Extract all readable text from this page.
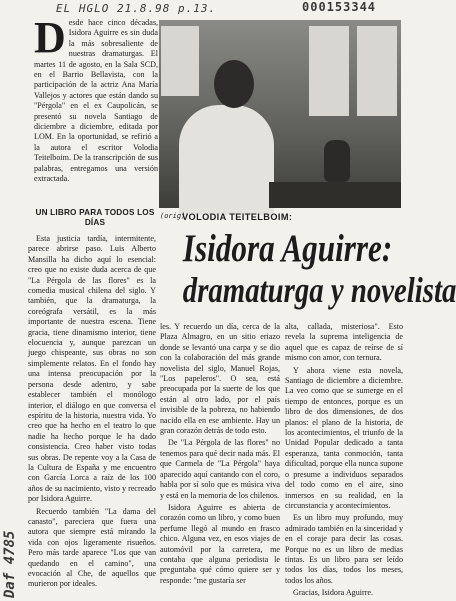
EL HGLO 21.8.98 p.13.	000153344
Daf 4785
D esde hace cinco décadas, Isidora Aguirre es sin duda la más sobresaliente de nuestras dramaturgas. El martes 11 de agosto, en la Sala SCD, en el Barrio Bellavista, con la participación de la actriz Ana María Vallejos y actores que están dando su "Pérgola" en el ex Caupolicán, se presentó su novela Santiago de diciembre a diciembre, editada por LOM. En la oportunidad, se refirió a la autora el escritor Volodia Teitelboim. De la transcripción de sus palabras, entregamos una versión extractada.
UN LIBRO PARA TODOS LOS DÍAS

Esta justicia tardía, intermitente, parece abrirse paso. Luis Alberto Mansilla ha dicho aquí lo esencial: creo que no existe duda acerca de que "La Pérgola de las flores" es la comedia musical chilena del siglo. Y también, que la dramaturga, la coreógrafa versátil, es la más importante de nuestra escena. Tiene gracia, tiene dinamismo interior, tiene elocuencia y, aunque parezcan un juego chispeante, sus obras no son simplemente relatos. En el fondo hay una intensa preocupación por la persona desde adentro, y sabe establecer también el monólogo interior, el diálogo en que conversa el espíritu de la historia, nuestra vida. Yo creo que ha hecho en el teatro lo que nadie ha hecho porque le ha dado consistencia. Creo haber visto todas sus obras. De repente voy a la Casa de la Cultura de España y me encuentro con García Lorca a raíz de los 100 años de su nacimiento, visto y recreado por Isidora Aguirre.

Recuerdo también "La dama del canasto", pareciera que fuera una autora que siempre está mirando la vida con ojos ligeramente risueños. Pero más tarde aparece "Los que van quedando en el camino", una evocación al Che, de aquellos que murieron por ideales.

(orig)
VOLODIA TEITELBOIM:
Isidora Aguirre:
dramaturga y novelista

les. Y recuerdo un día, cerca de la Plaza Almagro, en un sitio eriazo donde se levantó una carpa y se dio con la colaboración del más grande novelista del siglo, Manuel Rojas, "Los papeleros". O sea, está preocupada por la suerte de los que están al otro lado, por el país invisible de la pobreza, no habiendo nacido ella en ese ambiente. Hay un gran corazón detrás de todo esto.

De "La Pérgola de las flores" no tenemos para qué decir nada más. El que Carmela de "La Pérgola" haya aparecido aquí cantando con el coro, habla por sí solo que es música viva y está en la memoria de los chilenos.

Isidora Aguirre es abierta de corazón como un libro, y como buen perfume llegó al mundo en frasco chico. Alguna vez, en esos viajes de automóvil por la carretera, me contaba que alguna periodista le preguntaba qué cómo quiere ser y responde: "me gustaría ser

alta, callada, misteriosa". Esto revela la suprema inteligencia de aquel que es capaz de reírse de sí mismo con amor, con ternura.

Y ahora viene esta novela, Santiago de diciembre a diciembre. La veo como que se sumerge en el tiempo de entonces, porque es un libro de dos dimensiones, de dos planos: el plano de la historia, de los acontecimientos, el triunfo de la Unidad Popular dedicado a tanta esperanza, tanta conmoción, tanta dificultad, porque ella nunca supone o presume a individuos separados del todo como en el aire, sino inmersos en su realidad, en la circunstancia y acontecimientos.

Es un libro muy profundo, muy admirado también en la sinceridad y en el coraje para decir las cosas. Porque no es un libro de medias tintas. Es un libro para ser leído todos los días, todos los meses, todos los años.

Gracias, Isidora Aguirre.
